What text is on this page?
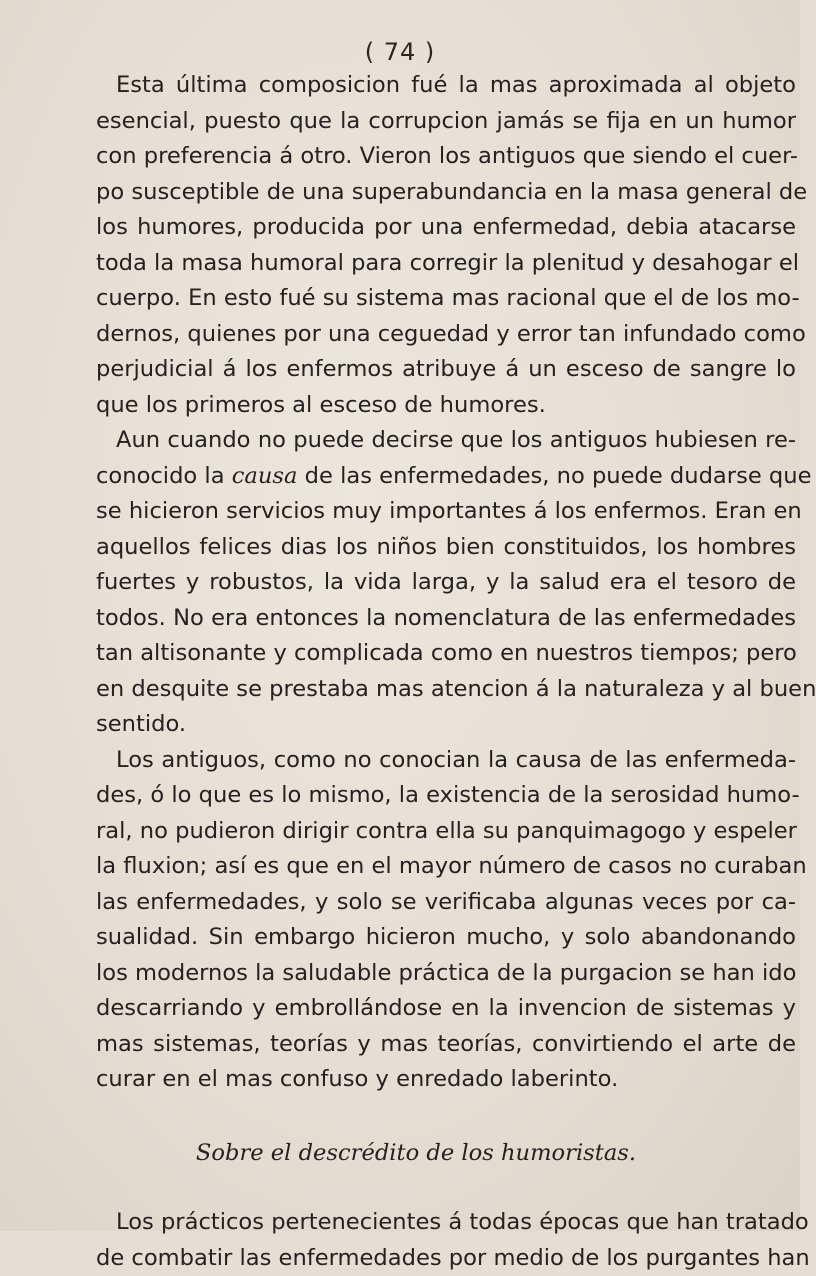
( 74 )
Esta última composicion fué la mas aproximada al objeto
esencial, puesto que la corrupcion jamás se fija en un humor
con preferencia á otro. Vieron los antiguos que siendo el cuer-
po susceptible de una superabundancia en la masa general de
los humores, producida por una enfermedad, debia atacarse
toda la masa humoral para corregir la plenitud y desahogar el
cuerpo. En esto fué su sistema mas racional que el de los mo-
dernos, quienes por una ceguedad y error tan infundado como
perjudicial á los enfermos atribuye á un esceso de sangre lo
que los primeros al esceso de humores.
Aun cuando no puede decirse que los antiguos hubiesen re-
conocido la causa de las enfermedades, no puede dudarse que
se hicieron servicios muy importantes á los enfermos. Eran en
aquellos felices dias los niños bien constituidos, los hombres
fuertes y robustos, la vida larga, y la salud era el tesoro de
todos. No era entonces la nomenclatura de las enfermedades
tan altisonante y complicada como en nuestros tiempos; pero
en desquite se prestaba mas atencion á la naturaleza y al buen
sentido.
Los antiguos, como no conocian la causa de las enfermeda-
des, ó lo que es lo mismo, la existencia de la serosidad humo-
ral, no pudieron dirigir contra ella su panquimagogo y espeler
la fluxion; así es que en el mayor número de casos no curaban
las enfermedades, y solo se verificaba algunas veces por ca-
sualidad. Sin embargo hicieron mucho, y solo abandonando
los modernos la saludable práctica de la purgacion se han ido
descarriando y embrollándose en la invencion de sistemas y
mas sistemas, teorías y mas teorías, convirtiendo el arte de
curar en el mas confuso y enredado laberinto.
Sobre el descrédito de los humoristas.
Los prácticos pertenecientes á todas épocas que han tratado
de combatir las enfermedades por medio de los purgantes han
